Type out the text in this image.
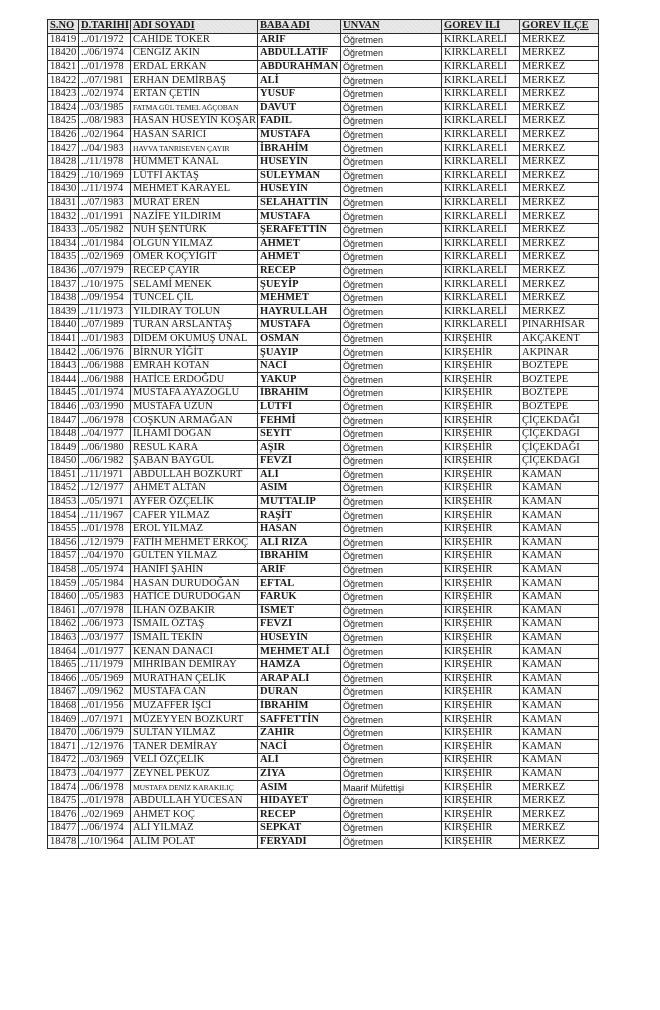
S.NO	D.TARİHİ	ADI SOYADI	BABA ADI	UNVAN	GOREV İLİ	GOREV İLÇE
18419	../01/1972	CAHİDE TOKER	ARİF	Öğretmen	KIRKLARELİ	MERKEZ
18420	../06/1974	CENGİZ AKIN	ABDULLATİF	Öğretmen	KIRKLARELİ	MERKEZ
18421	../01/1978	ERDAL ERKAN	ABDURAHMAN	Öğretmen	KIRKLARELİ	MERKEZ
18422	../07/1981	ERHAN DEMİRBAŞ	ALİ	Öğretmen	KIRKLARELİ	MERKEZ
18423	../02/1974	ERTAN ÇETİN	YUSUF	Öğretmen	KIRKLARELİ	MERKEZ
18424	../03/1985	FATMA GÜL TEMEL AĞÇOBAN	DAVUT	Öğretmen	KIRKLARELİ	MERKEZ
18425	../08/1983	HASAN HÜSEYİN KOŞAR	FADIL	Öğretmen	KIRKLARELİ	MERKEZ
18426	../02/1964	HASAN SARICI	MUSTAFA	Öğretmen	KIRKLARELİ	MERKEZ
18427	../04/1983	HAVVA TANRISEVEN ÇAYIR	İBRAHİM	Öğretmen	KIRKLARELİ	MERKEZ
18428	../11/1978	HÜMMET KANAL	HÜSEYİN	Öğretmen	KIRKLARELİ	MERKEZ
18429	../10/1969	LÜTFİ AKTAŞ	SÜLEYMAN	Öğretmen	KIRKLARELİ	MERKEZ
18430	../11/1974	MEHMET KARAYEL	HÜSEYİN	Öğretmen	KIRKLARELİ	MERKEZ
18431	../07/1983	MURAT EREN	SELAHATTİN	Öğretmen	KIRKLARELİ	MERKEZ
18432	../01/1991	NAZİFE YILDIRIM	MUSTAFA	Öğretmen	KIRKLARELİ	MERKEZ
18433	../05/1982	NUH ŞENTÜRK	ŞERAFETTİN	Öğretmen	KIRKLARELİ	MERKEZ
18434	../01/1984	OLGUN YILMAZ	AHMET	Öğretmen	KIRKLARELİ	MERKEZ
18435	../02/1969	ÖMER KOÇYİĞİT	AHMET	Öğretmen	KIRKLARELİ	MERKEZ
18436	../07/1979	RECEP ÇAYIR	RECEP	Öğretmen	KIRKLARELİ	MERKEZ
18437	../10/1975	SELAMİ MENEK	ŞUEYİP	Öğretmen	KIRKLARELİ	MERKEZ
18438	../09/1954	TUNCEL ÇİL	MEHMET	Öğretmen	KIRKLARELİ	MERKEZ
18439	../11/1973	YILDIRAY TOLUN	HAYRULLAH	Öğretmen	KIRKLARELİ	MERKEZ
18440	../07/1989	TURAN ARSLANTAŞ	MUSTAFA	Öğretmen	KIRKLARELİ	PINARHİSAR
18441	../01/1983	DİDEM OKUMUŞ ÜNAL	OSMAN	Öğretmen	KIRŞEHİR	AKÇAKENT
18442	../06/1976	BİRNUR YİĞİT	ŞUAYIP	Öğretmen	KIRŞEHİR	AKPINAR
18443	../06/1988	EMRAH KOTAN	NACİ	Öğretmen	KIRŞEHİR	BOZTEPE
18444	../06/1988	HATİCE ERDOĞDU	YAKUP	Öğretmen	KIRŞEHİR	BOZTEPE
18445	../01/1974	MUSTAFA AYAZOĞLU	İBRAHİM	Öğretmen	KIRŞEHİR	BOZTEPE
18446	../03/1990	MUSTAFA UZUN	LÜTFİ	Öğretmen	KIRŞEHİR	BOZTEPE
18447	../06/1978	COŞKUN ARMAĞAN	FEHMİ	Öğretmen	KIRŞEHİR	ÇİÇEKDAĞI
18448	../04/1977	İLHAMİ DOĞAN	SEYİT	Öğretmen	KIRŞEHİR	ÇİÇEKDAĞI
18449	../06/1980	RESUL KARA	AŞIR	Öğretmen	KIRŞEHİR	ÇİÇEKDAĞI
18450	../06/1982	ŞABAN BAYGÜL	FEVZİ	Öğretmen	KIRŞEHİR	ÇİÇEKDAĞI
18451	../11/1971	ABDULLAH BOZKURT	ALİ	Öğretmen	KIRŞEHİR	KAMAN
18452	../12/1977	AHMET ALTAN	ASIM	Öğretmen	KIRŞEHİR	KAMAN
18453	../05/1971	AYFER ÖZÇELİK	MUTTALİP	Öğretmen	KIRŞEHİR	KAMAN
18454	../11/1967	CAFER YILMAZ	RAŞİT	Öğretmen	KIRŞEHİR	KAMAN
18455	../01/1978	EROL YILMAZ	HASAN	Öğretmen	KIRŞEHİR	KAMAN
18456	../12/1979	FATİH MEHMET ERKOÇ	ALİ RIZA	Öğretmen	KIRŞEHİR	KAMAN
18457	../04/1970	GÜLTEN YILMAZ	İBRAHİM	Öğretmen	KIRŞEHİR	KAMAN
18458	../05/1974	HANİFİ ŞAHİN	ARİF	Öğretmen	KIRŞEHİR	KAMAN
18459	../05/1984	HASAN DURUDOĞAN	EFTAL	Öğretmen	KIRŞEHİR	KAMAN
18460	../05/1983	HATİCE DURUDOĞAN	FARUK	Öğretmen	KIRŞEHİR	KAMAN
18461	../07/1978	İLHAN ÖZBAKIR	İSMET	Öğretmen	KIRŞEHİR	KAMAN
18462	../06/1973	İSMAİL ÖZTAŞ	FEVZİ	Öğretmen	KIRŞEHİR	KAMAN
18463	../03/1977	İSMAİL TEKİN	HÜSEYİN	Öğretmen	KIRŞEHİR	KAMAN
18464	../01/1977	KENAN DANACI	MEHMET ALİ	Öğretmen	KIRŞEHİR	KAMAN
18465	../11/1979	MİHRİBAN DEMİRAY	HAMZA	Öğretmen	KIRŞEHİR	KAMAN
18466	../05/1969	MURATHAN ÇELİK	ARAP ALİ	Öğretmen	KIRŞEHİR	KAMAN
18467	../09/1962	MUSTAFA CAN	DURAN	Öğretmen	KIRŞEHİR	KAMAN
18468	../01/1956	MUZAFFER İŞCİ	İBRAHİM	Öğretmen	KIRŞEHİR	KAMAN
18469	../07/1971	MÜZEYYEN BOZKURT	SAFFETTİN	Öğretmen	KIRŞEHİR	KAMAN
18470	../06/1979	SULTAN YILMAZ	ZAHİR	Öğretmen	KIRŞEHİR	KAMAN
18471	../12/1976	TANER DEMİRAY	NACİ	Öğretmen	KIRŞEHİR	KAMAN
18472	../03/1969	VELİ ÖZÇELİK	ALİ	Öğretmen	KIRŞEHİR	KAMAN
18473	../04/1977	ZEYNEL PEKUZ	ZİYA	Öğretmen	KIRŞEHİR	KAMAN
18474	../06/1978	MUSTAFA DENİZ KARAKILIÇ	ASIM	Maarif Müfettişi	KIRŞEHİR	MERKEZ
18475	../01/1978	ABDULLAH YÜCESAN	HİDAYET	Öğretmen	KIRŞEHİR	MERKEZ
18476	../02/1969	AHMET KOÇ	RECEP	Öğretmen	KIRŞEHİR	MERKEZ
18477	../06/1974	ALİ YILMAZ	SEPKAT	Öğretmen	KIRŞEHİR	MERKEZ
18478	../10/1964	ALİM POLAT	FERYADİ	Öğretmen	KIRŞEHİR	MERKEZ
